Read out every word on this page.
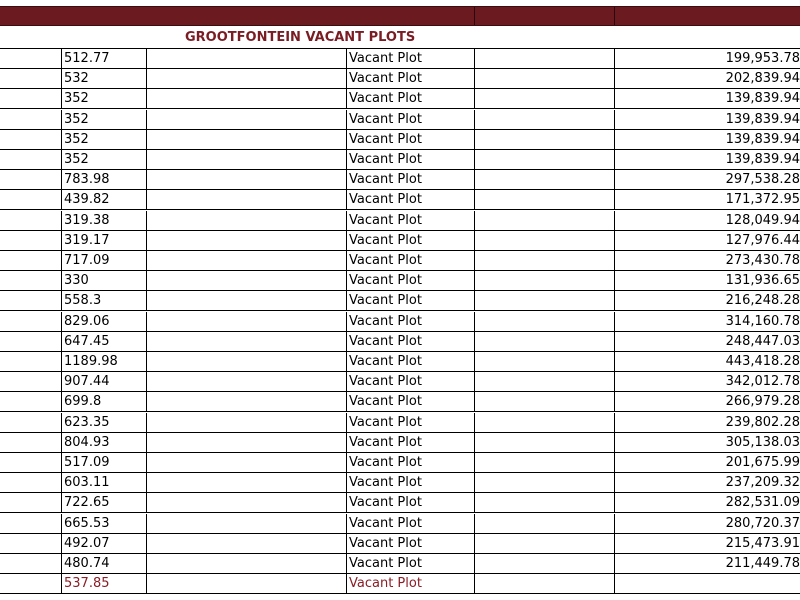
GROOTFONTEIN VACANT PLOTS
512.77	Vacant Plot	199,953.78
532	Vacant Plot	202,839.94
352	Vacant Plot	139,839.94
352	Vacant Plot	139,839.94
352	Vacant Plot	139,839.94
352	Vacant Plot	139,839.94
783.98	Vacant Plot	297,538.28
439.82	Vacant Plot	171,372.95
319.38	Vacant Plot	128,049.94
319.17	Vacant Plot	127,976.44
717.09	Vacant Plot	273,430.78
330	Vacant Plot	131,936.65
558.3	Vacant Plot	216,248.28
829.06	Vacant Plot	314,160.78
647.45	Vacant Plot	248,447.03
1189.98	Vacant Plot	443,418.28
907.44	Vacant Plot	342,012.78
699.8	Vacant Plot	266,979.28
623.35	Vacant Plot	239,802.28
804.93	Vacant Plot	305,138.03
517.09	Vacant Plot	201,675.99
603.11	Vacant Plot	237,209.32
722.65	Vacant Plot	282,531.09
665.53	Vacant Plot	280,720.37
492.07	Vacant Plot	215,473.91
480.74	Vacant Plot	211,449.78
537.85	Vacant Plot
